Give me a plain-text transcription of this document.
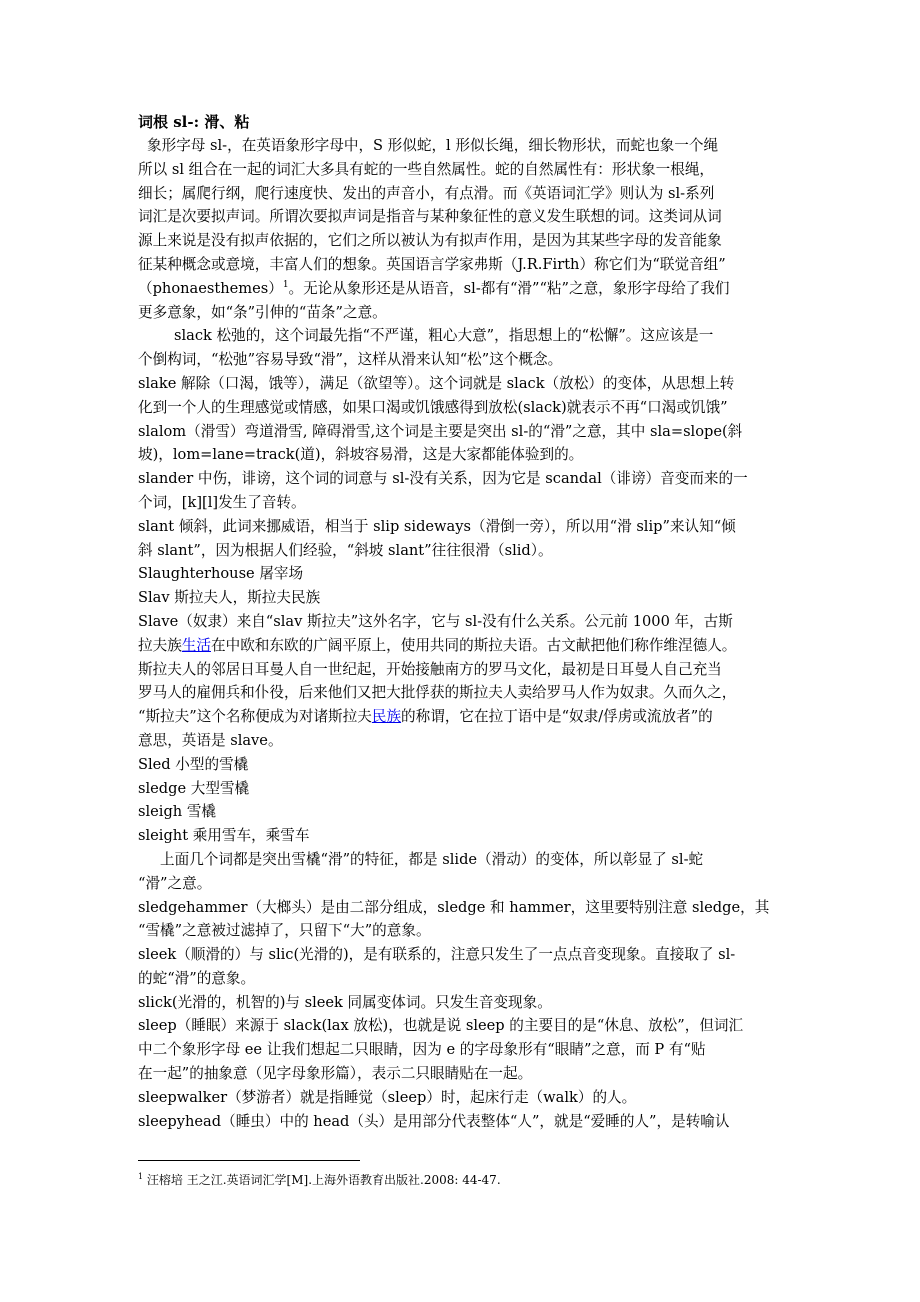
词根 sl-: 滑、粘
象形字母 sl-，在英语象形字母中，S 形似蛇，l 形似长绳，细长物形状，而蛇也象一个绳
所以 sl 组合在一起的词汇大多具有蛇的一些自然属性。蛇的自然属性有：形状象一根绳，
细长；属爬行纲，爬行速度快、发出的声音小，有点滑。而《英语词汇学》则认为 sl-系列
词汇是次要拟声词。所谓次要拟声词是指音与某种象征性的意义发生联想的词。这类词从词
源上来说是没有拟声依据的，它们之所以被认为有拟声作用，是因为其某些字母的发音能象
征某种概念或意境，丰富人们的想象。英国语言学家弗斯（J.R.Firth）称它们为“联觉音组”
（phonaesthemes）$^1$。无论从象形还是从语音，sl-都有“滑”“粘”之意，象形字母给了我们
更多意象，如“条”引伸的“苗条”之意。
slack 松弛的，这个词最先指“不严谨，粗心大意”，指思想上的“松懈”。这应该是一
个倒构词，“松弛”容易导致“滑”，这样从滑来认知“松”这个概念。
slake 解除（口渴，饿等），满足（欲望等）。这个词就是 slack（放松）的变体，从思想上转
化到一个人的生理感觉或情感，如果口渴或饥饿感得到放松(slack)就表示不再“口渴或饥饿”
slalom（滑雪）弯道滑雪, 障碍滑雪,这个词是主要是突出 sl-的“滑”之意，其中 sla=slope(斜
坡)，lom=lane=track(道)，斜坡容易滑，这是大家都能体验到的。
slander 中伤，诽谤，这个词的词意与 sl-没有关系，因为它是 scandal（诽谤）音变而来的一
个词，[k][l]发生了音转。
slant 倾斜，此词来挪威语，相当于 slip sideways（滑倒一旁），所以用“滑 slip”来认知“倾
斜 slant”，因为根据人们经验，“斜坡 slant”往往很滑（slid）。
Slaughterhouse 屠宰场
Slav 斯拉夫人，斯拉夫民族
Slave（奴隶）来自“slav 斯拉夫”这外名字，它与 sl-没有什么关系。公元前 1000 年，古斯
拉夫族生活在中欧和东欧的广阔平原上，使用共同的斯拉夫语。古文献把他们称作维涅德人。
斯拉夫人的邻居日耳曼人自一世纪起，开始接触南方的罗马文化，最初是日耳曼人自己充当
罗马人的雇佣兵和仆役，后来他们又把大批俘获的斯拉夫人卖给罗马人作为奴隶。久而久之，
“斯拉夫”这个名称便成为对诸斯拉夫民族的称谓，它在拉丁语中是“奴隶/俘虏或流放者”的
意思，英语是 slave。
Sled 小型的雪橇
sledge 大型雪橇
sleigh 雪橇
sleight 乘用雪车，乘雪车
上面几个词都是突出雪橇“滑”的特征，都是 slide（滑动）的变体，所以彰显了 sl-蛇
“滑”之意。
sledgehammer（大榔头）是由二部分组成，sledge 和 hammer，这里要特别注意 sledge，其
“雪橇”之意被过滤掉了，只留下“大”的意象。
sleek（顺滑的）与 slic(光滑的)，是有联系的，注意只发生了一点点音变现象。直接取了 sl-
的蛇“滑”的意象。
slick(光滑的，机智的)与 sleek 同属变体词。只发生音变现象。
sleep（睡眠）来源于 slack(lax 放松)，也就是说 sleep 的主要目的是“休息、放松”，但词汇
中二个象形字母 ee 让我们想起二只眼睛，因为 e 的字母象形有“眼睛”之意，而 P 有“贴
在一起”的抽象意（见字母象形篇），表示二只眼睛贴在一起。
sleepwalker（梦游者）就是指睡觉（sleep）时，起床行走（walk）的人。
sleepyhead（睡虫）中的 head（头）是用部分代表整体“人”，就是“爱睡的人”，是转喻认
$^1$ 汪榕培 王之江.英语词汇学[M].上海外语教育出版社.2008: 44-47.
